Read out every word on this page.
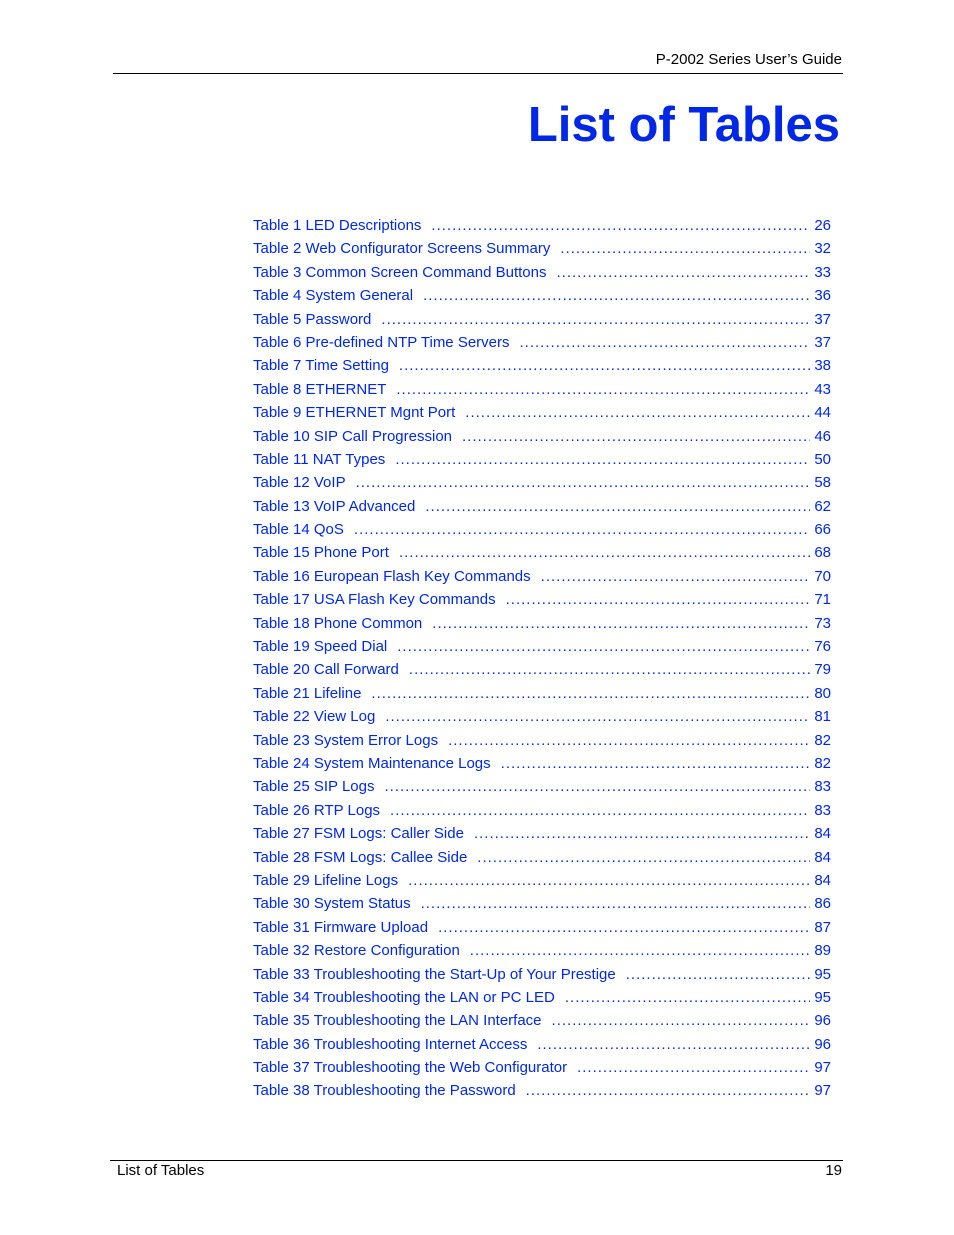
P-2002 Series User’s Guide
List of Tables
Table 1 LED Descriptions .....	26
Table 2 Web Configurator Screens Summary .....	32
Table 3 Common Screen Command Buttons .....	33
Table 4 System General .....	36
Table 5 Password .....	37
Table 6 Pre-defined NTP Time Servers .....	37
Table 7 Time Setting .....	38
Table 8 ETHERNET .....	43
Table 9 ETHERNET Mgnt Port .....	44
Table 10 SIP Call Progression .....	46
Table 11 NAT Types .....	50
Table 12 VoIP .....	58
Table 13 VoIP Advanced .....	62
Table 14 QoS .....	66
Table 15 Phone Port .....	68
Table 16 European Flash Key Commands .....	70
Table 17 USA Flash Key Commands .....	71
Table 18 Phone Common .....	73
Table 19 Speed Dial .....	76
Table 20 Call Forward .....	79
Table 21 Lifeline .....	80
Table 22 View Log .....	81
Table 23 System Error Logs .....	82
Table 24 System Maintenance Logs .....	82
Table 25 SIP Logs .....	83
Table 26 RTP Logs .....	83
Table 27 FSM Logs: Caller Side .....	84
Table 28 FSM Logs: Callee Side .....	84
Table 29 Lifeline Logs .....	84
Table 30 System Status .....	86
Table 31 Firmware Upload .....	87
Table 32 Restore Configuration .....	89
Table 33 Troubleshooting the Start-Up of Your Prestige .....	95
Table 34 Troubleshooting the LAN or PC LED .....	95
Table 35 Troubleshooting the LAN Interface .....	96
Table 36 Troubleshooting Internet Access .....	96
Table 37 Troubleshooting the Web Configurator .....	97
Table 38 Troubleshooting the Password .....	97
List of Tables	19
